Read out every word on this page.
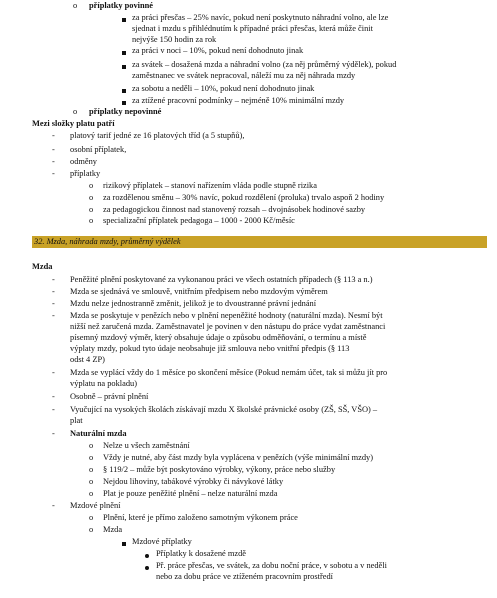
o příplatky povinné
za práci přesčas – 25% navíc, pokud není poskytnuto náhradní volno, ale lze
sjednat i mzdu s přihlédnutím k případné práci přesčas, která může činit
nejvýše 150 hodin za rok
za práci v noci – 10%, pokud není dohodnuto jinak
za svátek – dosažená mzda a náhradní volno (za něj průměrný výdělek), pokud
zaměstnanec ve svátek nepracoval, náleží mu za něj náhrada mzdy
za sobotu a neděli – 10%, pokud není dohodnuto jinak
za ztížené pracovní podmínky – nejméně 10% minimální mzdy
o příplatky nepovinné
Mezi složky platu patří
- platový tarif jedné ze 16 platových tříd (a 5 stupňů),
- osobní příplatek,
- odměny
- příplatky
o rizikový příplatek – stanoví nařízením vláda podle stupně rizika
o za rozdělenou směnu – 30% navíc, pokud rozdělení (proluka) trvalo aspoň 2 hodiny
o za pedagogickou činnost nad stanovený rozsah – dvojnásobek hodinové sazby
o specializační příplatek pedagoga – 1000 - 2000 Kč/měsíc
32. Mzda, náhrada mzdy, průměrný výdělek
Mzda
- Peněžité plnění poskytované za vykonanou práci ve všech ostatních případech (§ 113 a n.)
- Mzda se sjednává ve smlouvě, vnitřním předpisem nebo mzdovým výměrem
- Mzdu nelze jednostranně změnit, jelikož je to dvoustranné právní jednání
- Mzda se poskytuje v penězích nebo v plnění nepeněžité hodnoty (naturální mzda). Nesmí být
nižší než zaručená mzda. Zaměstnavatel je povinen v den nástupu do práce vydat zaměstnanci
písemný mzdový výměr, který obsahuje údaje o způsobu odměňování, o termínu a místě
výplaty mzdy, pokud tyto údaje neobsahuje již smlouva nebo vnitřní předpis (§ 113
odst 4 ZP)
- Mzda se vyplácí vždy do 1 měsíce po skončení měsíce (Pokud nemám účet, tak si můžu jít pro
výplatu na pokladu)
- Osobně – právní plnění
- Vyučující na vysokých školách získávají mzdu X školské právnické osoby (ZŠ, SŠ, VŠO) –
plat
- Naturální mzda
o Nelze u všech zaměstnání
o Vždy je nutné, aby část mzdy byla vyplácena v penězích (výše minimální mzdy)
o § 119/2 – může být poskytováno výrobky, výkony, práce nebo služby
o Nejdou lihoviny, tabákové výrobky či návykové látky
o Plat je pouze peněžité plnění – nelze naturální mzda
- Mzdové plnění
o Plnění, které je přímo založeno samotným výkonem práce
o Mzda
Mzdové příplatky
Příplatky k dosažené mzdě
Př. práce přesčas, ve svátek, za dobu noční práce, v sobotu a v neděli
nebo za dobu práce ve ztíženém pracovním prostředí
